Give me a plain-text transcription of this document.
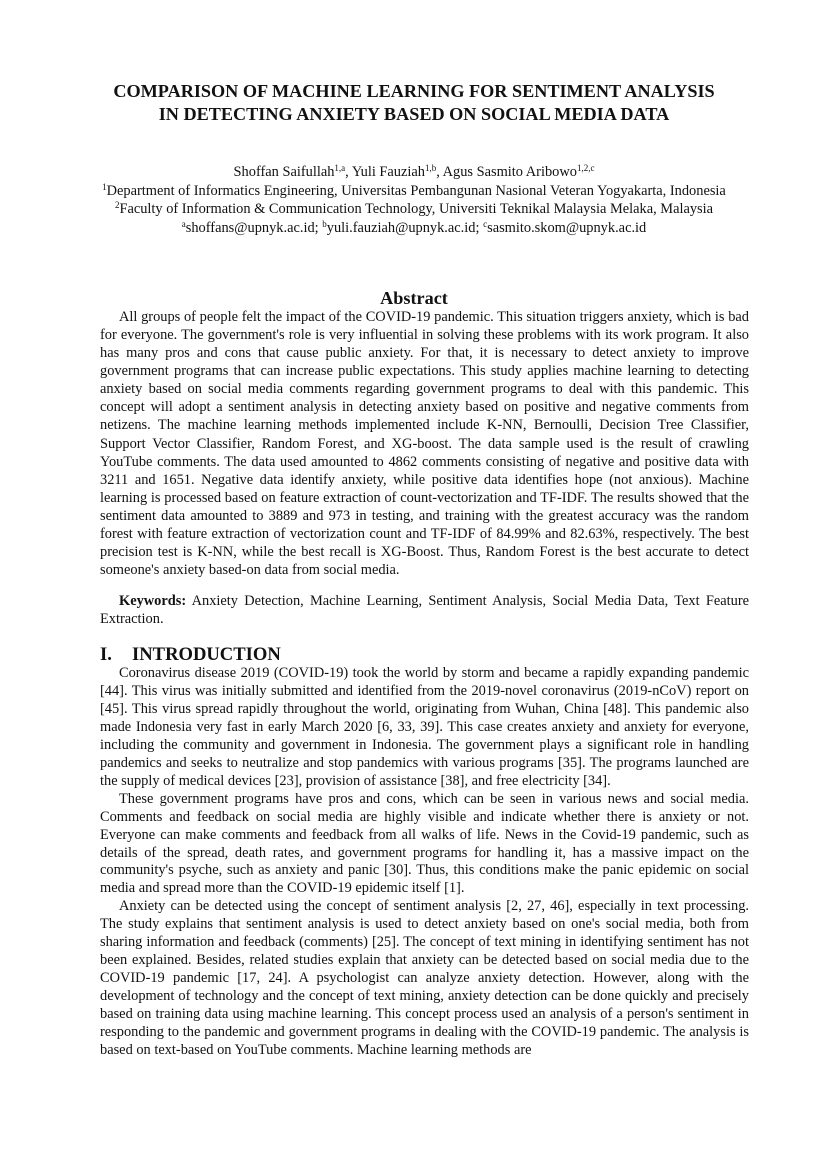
COMPARISON OF MACHINE LEARNING FOR SENTIMENT ANALYSIS IN DETECTING ANXIETY BASED ON SOCIAL MEDIA DATA

Shoffan Saifullah$^{1,a}$, Yuli Fauziah$^{1,b}$, Agus Sasmito Aribowo$^{1,2,c}$

$^1$Department of Informatics Engineering, Universitas Pembangunan Nasional Veteran Yogyakarta, Indonesia

$^2$Faculty of Information & Communication Technology, Universiti Teknikal Malaysia Melaka, Malaysia

$^a$shoffans@upnyk.ac.id; $^b$yuli.fauziah@upnyk.ac.id; $^c$sasmito.skom@upnyk.ac.id

Abstract

All groups of people felt the impact of the COVID-19 pandemic. This situation triggers anxiety, which is bad for everyone. The government's role is very influential in solving these problems with its work program. It also has many pros and cons that cause public anxiety. For that, it is necessary to detect anxiety to improve government programs that can increase public expectations. This study applies machine learning to detecting anxiety based on social media comments regarding government programs to deal with this pandemic. This concept will adopt a sentiment analysis in detecting anxiety based on positive and negative comments from netizens. The machine learning methods implemented include K-NN, Bernoulli, Decision Tree Classifier, Support Vector Classifier, Random Forest, and XG-boost. The data sample used is the result of crawling YouTube comments. The data used amounted to 4862 comments consisting of negative and positive data with 3211 and 1651. Negative data identify anxiety, while positive data identifies hope (not anxious). Machine learning is processed based on feature extraction of count-vectorization and TF-IDF. The results showed that the sentiment data amounted to 3889 and 973 in testing, and training with the greatest accuracy was the random forest with feature extraction of vectorization count and TF-IDF of 84.99% and 82.63%, respectively. The best precision test is K-NN, while the best recall is XG-Boost. Thus, Random Forest is the best accurate to detect someone's anxiety based-on data from social media.

Keywords: Anxiety Detection, Machine Learning, Sentiment Analysis, Social Media Data, Text Feature Extraction.

I. INTRODUCTION

Coronavirus disease 2019 (COVID-19) took the world by storm and became a rapidly expanding pandemic [44]. This virus was initially submitted and identified from the 2019-novel coronavirus (2019-nCoV) report on [45]. This virus spread rapidly throughout the world, originating from Wuhan, China [48]. This pandemic also made Indonesia very fast in early March 2020 [6, 33, 39]. This case creates anxiety and anxiety for everyone, including the community and government in Indonesia. The government plays a significant role in handling pandemics and seeks to neutralize and stop pandemics with various programs [35]. The programs launched are the supply of medical devices [23], provision of assistance [38], and free electricity [34].

These government programs have pros and cons, which can be seen in various news and social media. Comments and feedback on social media are highly visible and indicate whether there is anxiety or not. Everyone can make comments and feedback from all walks of life. News in the Covid-19 pandemic, such as details of the spread, death rates, and government programs for handling it, has a massive impact on the community's psyche, such as anxiety and panic [30]. Thus, this conditions make the panic epidemic on social media and spread more than the COVID-19 epidemic itself [1].

Anxiety can be detected using the concept of sentiment analysis [2, 27, 46], especially in text processing. The study explains that sentiment analysis is used to detect anxiety based on one's social media, both from sharing information and feedback (comments) [25]. The concept of text mining in identifying sentiment has not been explained. Besides, related studies explain that anxiety can be detected based on social media due to the COVID-19 pandemic [17, 24]. A psychologist can analyze anxiety detection. However, along with the development of technology and the concept of text mining, anxiety detection can be done quickly and precisely based on training data using machine learning. This concept process used an analysis of a person's sentiment in responding to the pandemic and government programs in dealing with the COVID-19 pandemic. The analysis is based on text-based on YouTube comments. Machine learning methods are
